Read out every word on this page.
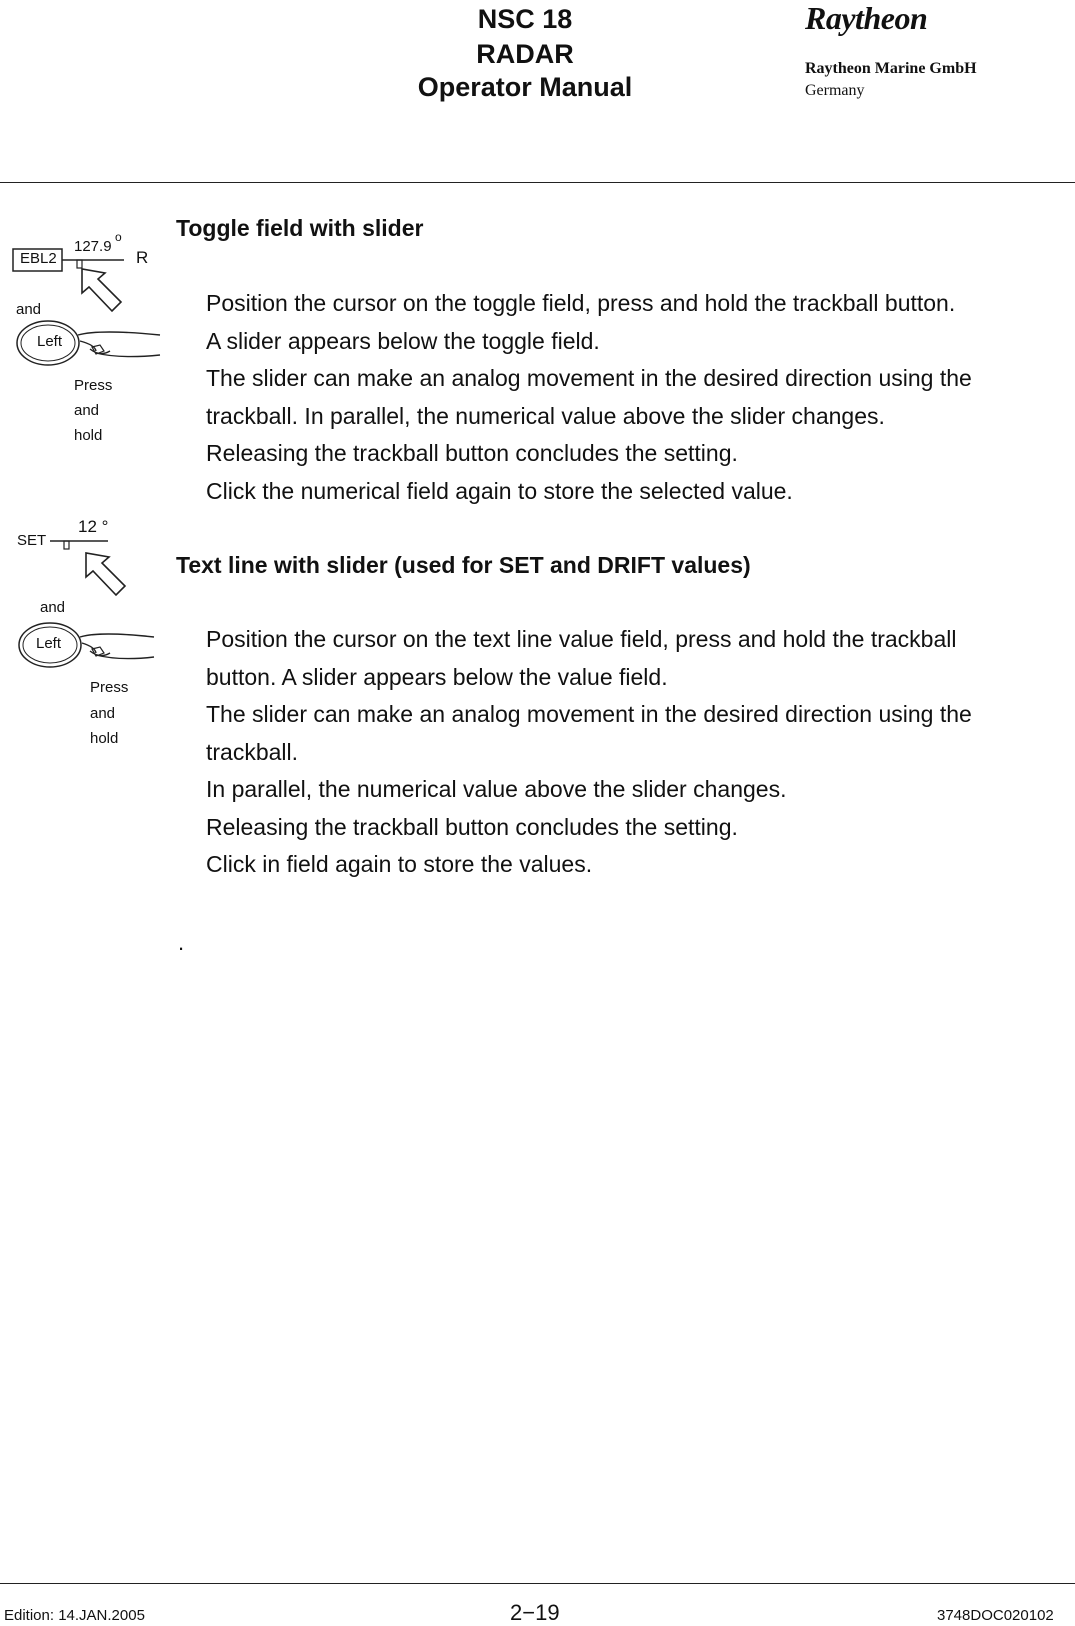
NSC 18
RADAR
Operator Manual
Raytheon
Raytheon Marine GmbH
Germany
Toggle field with slider
Position the cursor on the toggle field, press and hold the trackball button.
A slider appears below the toggle field.
The slider can make an analog movement in the desired direction using the
trackball. In parallel, the numerical value above the slider changes.
Releasing the trackball button concludes the setting.
Click the numerical field again to store the selected value.
Text line with slider (used for SET and DRIFT values)
Position the cursor on the text line value field, press and hold the trackball
button. A slider appears below the value field.
The slider can make an analog movement in the desired direction using the
trackball.
In parallel, the numerical value above the slider changes.
Releasing the trackball button concludes the setting.
Click in field again to store the values.
.
EBL2
127.9
o
R
and
Left
Press
and
hold
SET
12 °
and
Left
Press
and
hold
Edition: 14.JAN.2005	2−19	3748DOC020102
